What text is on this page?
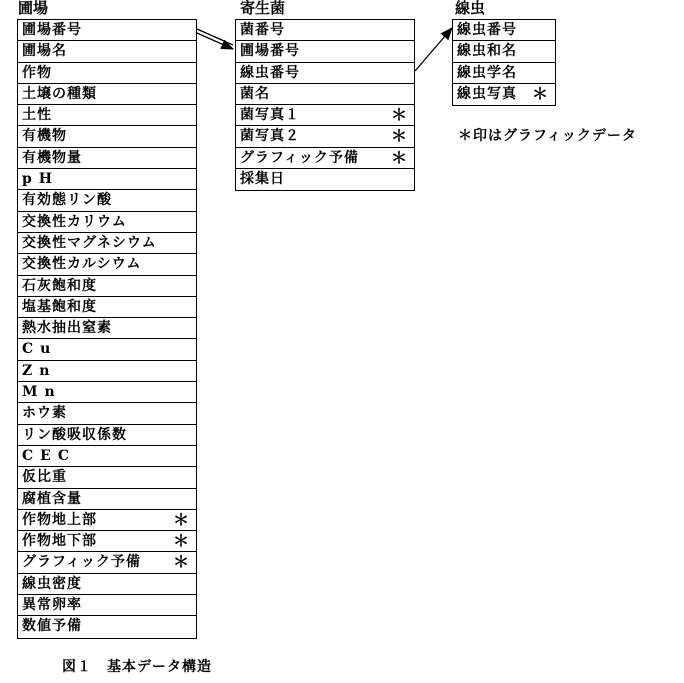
圃場
圃場番号
圃場名
作物
土壌の種類
土性
有機物
有機物量
pH
有効態リン酸
交換性カリウム
交換性マグネシウム
交換性カルシウム
石灰飽和度
塩基飽和度
熱水抽出窒素
Cu
Zn
Mn
ホウ素
リン酸吸収係数
CEC
仮比重
腐植含量
作物地上部	＊
作物地下部	＊
グラフィック予備 ＊
線虫密度
異常卵率
数値予備
寄生菌
菌番号
圃場番号
線虫番号
菌名
菌写真１	＊
菌写真２	＊
グラフィック予備 ＊
採集日
線虫
線虫番号
線虫和名
線虫学名
線虫写真 ＊
＊印はグラフィックデータ
図１　基本データ構造
